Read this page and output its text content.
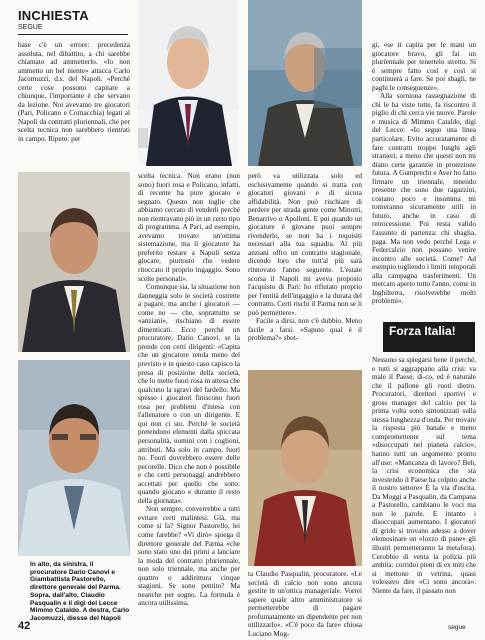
INCHIESTA
SEGUE

base c'è un errore: precedenza assoluta, nel dibattito, a chi sarebbe chiamato ad ammetterlo. «Io non ammetto un bel niente» attacca Carlo Jacomuzzi, d.s. del Napoli. «Perché certe cose possono capitare a chiunque, l'importante è che servano da lezione. Noi avevamo tre giocatori (Pari, Policano e Cornacchia) legati al Napoli da contratti pluriennali, che per scelta tecnica non sarebbero rientrati in campo. Ripeto: per

gi, «se ti capita per le mani un giocatore bravo, gli fai un pluriennale per tenertelo stretto. Si è sempre fatto così e così si continuerà a fare. Se poi sbagli, ne paghi le conseguenze».

Alla sorniona rassegnazione di chi le ha viste tutte, fa riscontro il piglio di chi cerca vie nuove. Parole e musica di Mimmo Cataldo, digì del Lecce: «Io seguo una linea particolare. Evito accuratamente di fare contratti troppo lunghi agli stranieri, a meno che questi non mi diano certe garanzie in protezione futura. A Gumprecht e Aver ho fatto firmare un triennale, tenendo presente che sono due ragazzini, costano poco e insomma mi torneranno sicuramente utili in futuro, anche in caso di retrocessione. Poi resta valido l'assunto di partenza: chi sbaglia, paga. Ma non vedo perché Lega e Federcalcio non possano venire incontro alle società. Come? Ad esempio togliendo i limiti temporali alla campagna trasferimenti. Un mercato aperto tutto l'anno, come in Inghilterra, risolverebbe molti problemi».

scelta tecnica. Non erano (non sono) fuori rosa e Policano, infatti, di recente ha pure giocato e segnato. Questo non toglie che abbiamo cercato di venderli perché non rientravano più in un certo tipo di programma. A Pari, ad esempio, avevamo trovato un'ottima sistemazione, ma il giocatore ha preferito restare a Napoli senza giocare, piuttosto che vedere ritoccato il proprio ingaggio. Sono scelte personali».

Comunque sia, la situazione non danneggia solo le società costrette a pagare, ma anche i giocatori — come no — che, soprattutto se «anziani», rischiano di essere dimenticati. Ecco perché un procuratore, Dario Canovi, se la prende con certi dirigenti: «Capita che un giocatore renda meno del previsto e in questo caso capisco la presa di posizione della società, che lo mette fuori rosa in attesa che qualcuno la sgravi del fardello. Ma spesso i giocatori finiscono fuori rosa per problemi d'intesa con l'allenatore o con un dirigente. E qui non ci sto. Perché le società pretendono elementi dalla spiccata personalità, uomini con i coglioni, attributi. Ma solo in campo, fuori no. Fuori dovrebbero essere delle pecorelle. Dico che non è possibile e che certi personaggi andrebbero accettati per quello che sono: quando giocano e durante il resto della giornata».

Non sempre, converrebbe a tutti evitare certi malintesi. Già, ma come si fa? Signor Pastorello, lei come farebbe? «Vi dirò» spiega il direttore generale del Parma «che sono stato uno dei primi a lanciare la moda del contratto pluriennale, non solo triennale, ma anche per quattro o addirittura cinque stagioni. Se sono pentito? Ma neanche per sogno. La formula è ancora utilissima,

però va utilizzata solo ed esclusivamente quando si tratta con giocatori giovani e di sicura affidabilità. Non può rischiare di perdere per strada gente come Minotti, Benarrivo o Apolloni. E poi quando un giocatore è giovane puoi sempre rivenderlo, se non ha i requisiti necessari alla tua squadra. Al più anziani offro un contratto stagionale, dicendo loro che tutt'al più sarà rinnovato l'anno seguente. L'estate scorsa il Napoli mi aveva proposto l'acquisto di Pari: ho rifiutato proprio per l'entità dell'ingaggio e la durata del contratto. Certi rischi il Parma non se li può permettere».

Facile a dirsi, non c'è dubbio. Meno facile a farsi. «Saputo qual è il problema?» sbot-

ta Claudio Pasqualin, procuratore. «Le società di calcio non sono ancora gestite in un'ottica manageriale. Vorrei sapere quale altro amministratore si permetterebbe di pagare profumatamente un dipendente per non utilizzarlo». «C'è poco da fare» chiosa Luciano Mog-

Forza Italia!

Nessuno sa spiegarsi bene il perché, e tutti si aggrappano alla crisi: va male il Paese, di-co, ed è naturale che il pallone gli ruoti dietro. Procuratori, direttori sportivi e gross manager del calcio per la prima volta sono sintonizzati sulla stessa lunghezza d'onda. Per trovare la risposta più banale e meno compromettente sul tema «disoccupati nel pianeta calcio», hanno tutti un argomento pronto all'uso: «Mancanza di lavoro? Beh, la crisi economica che sta investendo il Paese ha colpito anche il nostro settore» È la via d'uscita. Da Moggi a Pasqualin, da Campana a Pastorello, cambiano le voci ma non le parole. E intanto i disoccupati aumentano. I giocatori di grido si trovano adesso a dover elemosinare un «lozzo di pane» gli illustri permetteranno la metafora). Cerobbio di venta la polizia più ambita: corridoi pieni di ex miti che si mettono in vetrina, quasi volessero dire «Ci sono ancora». Niente da fare, il passato non

In alto, da sinistra, il procuratore Dario Canovi e Giambattista Pastorello, direttore generale del Parma. Sopra, dall'alto, Claudio Pasqualin e il digì del Lecce Mimmo Cataldo. A destra, Carlo Jacomuzzi, diesse del Napoli
42	segue
